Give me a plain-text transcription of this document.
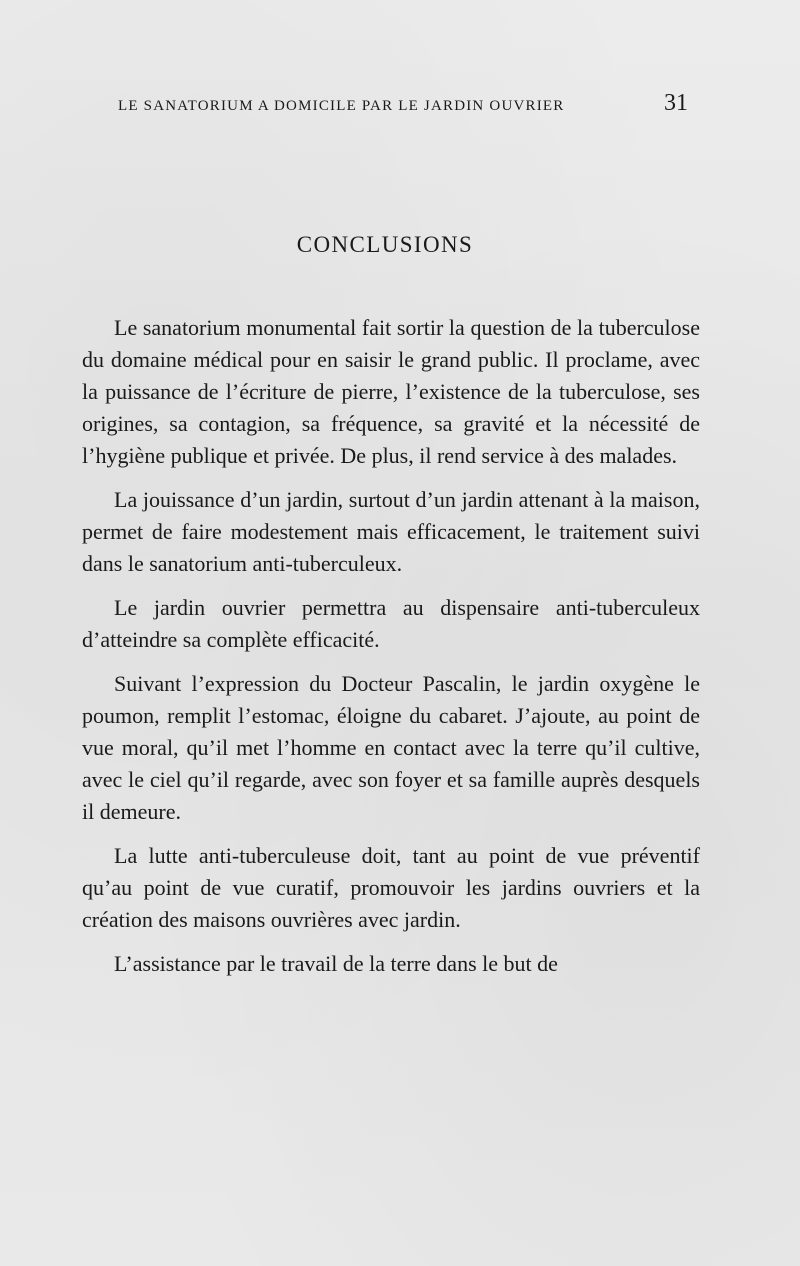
LE SANATORIUM A DOMICILE PAR LE JARDIN OUVRIER	31
CONCLUSIONS

Le sanatorium monumental fait sortir la question de la tuberculose du domaine médical pour en saisir le grand public. Il proclame, avec la puissance de l’écriture de pierre, l’existence de la tuberculose, ses origines, sa contagion, sa fréquence, sa gravité et la nécessité de l’hygiène publique et privée. De plus, il rend service à des malades.

La jouissance d’un jardin, surtout d’un jardin attenant à la maison, permet de faire modestement mais efficacement, le traitement suivi dans le sanatorium anti-tuberculeux.

Le jardin ouvrier permettra au dispensaire anti-tuberculeux d’atteindre sa complète efficacité.

Suivant l’expression du Docteur Pascalin, le jardin oxygène le poumon, remplit l’estomac, éloigne du cabaret. J’ajoute, au point de vue moral, qu’il met l’homme en contact avec la terre qu’il cultive, avec le ciel qu’il regarde, avec son foyer et sa famille auprès desquels il demeure.

La lutte anti-tuberculeuse doit, tant au point de vue préventif qu’au point de vue curatif, promouvoir les jardins ouvriers et la création des maisons ouvrières avec jardin.

L’assistance par le travail de la terre dans le but de
